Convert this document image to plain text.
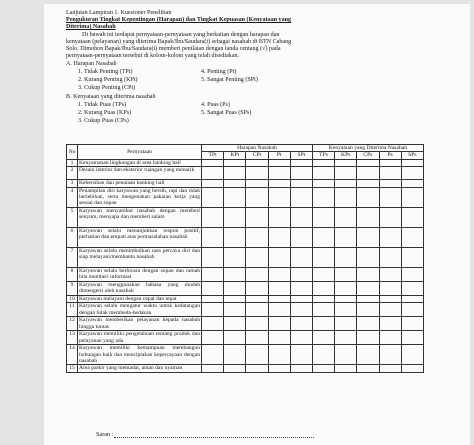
Lanjutan Lampiran 1. Kuesioner Penelitian
Pengukuran Tingkat Kepentingan (Harapan) dan Tingkat Kepuasan (Kenyataan yang
Diterima) Nasabah
Di bawah ini terdapat pernyataan-pernyataan yang berkaitan dengan harapan dan
kenyataan (pelayanan) yang diterima Bapak/Ibu/Saudara(i) sebagai nasabah di BTN Cabang
Solo. Dimohon Bapak/Ibu/Saudara(i) memberi penilaian dengan tanda centang (√) pada
pernyataan-pernyataan tersebut di kolom-kolom yang telah disediakan.
A. Harapan Nasabah
1. Tidak Penting (TPt)
2. Kurang Penting (KPt)
3. Cukup Penting (CPt)
4. Penting (Pt)
5. Sangat Penting (SPt)
B. Kenyataan yang diterima nasabah
1. Tidak Puas (TPs)
2. Kurang Puas (KPs)
3. Cukup Puas (CPs)
4. Puas (Ps)
5. Sangat Puas (SPs)
No	Pernyataan	Harapan Nasabah					Kenyataan yang Diterima Nasabah				
		TPt	KPt	CPt	Pt	SPt	TPs	KPs	CPs	Ps	SPs
1	Kenyamanan lingkungan di area banking hall										
2	Desain interior dan eksterior ruangan yang menarik										
3	Kebersihan dan penataan banking hall										
4	Penampilan diri karyawan yang bersih, rapi dan tidak berlebihan, serta mengenakan pakaian kerja yang sesuai dan sopan										
5	Karyawan menyambut nasabah dengan memberi senyum, menyapa dan memberi salam										
6	Karyawan selalu menunjukkan respon positif, perhatian dan empati atas permasalahan nasabah										
7	Karyawan selalu menimbulkan rasa percaya diri dan siap melayani/membantu nasabah										
8	Karyawan selalu berbicara dengan sopan dan ramah bila memberi informasi										
9	Karyawan menggunakan bahasa yang mudah dimengerti oleh nasabah										
10	Karyawan melayani dengan cepat dan tepat										
11	Karyawan selalu mengatur waktu untuk kedatangan dengan tidak membeda-bedakan										
12	Karyawan memberikan pelayanan kepada nasabah hingga tuntas										
13	Karyawan memiliki pengetahuan tentang produk dan pelayanan yang ada										
14	Karyawan memiliki kemampuan membangun hubungan baik dan menciptakan kepercayaan dengan nasabah										
15	Area parkir yang memadai, aman dan nyaman										
Saran :
